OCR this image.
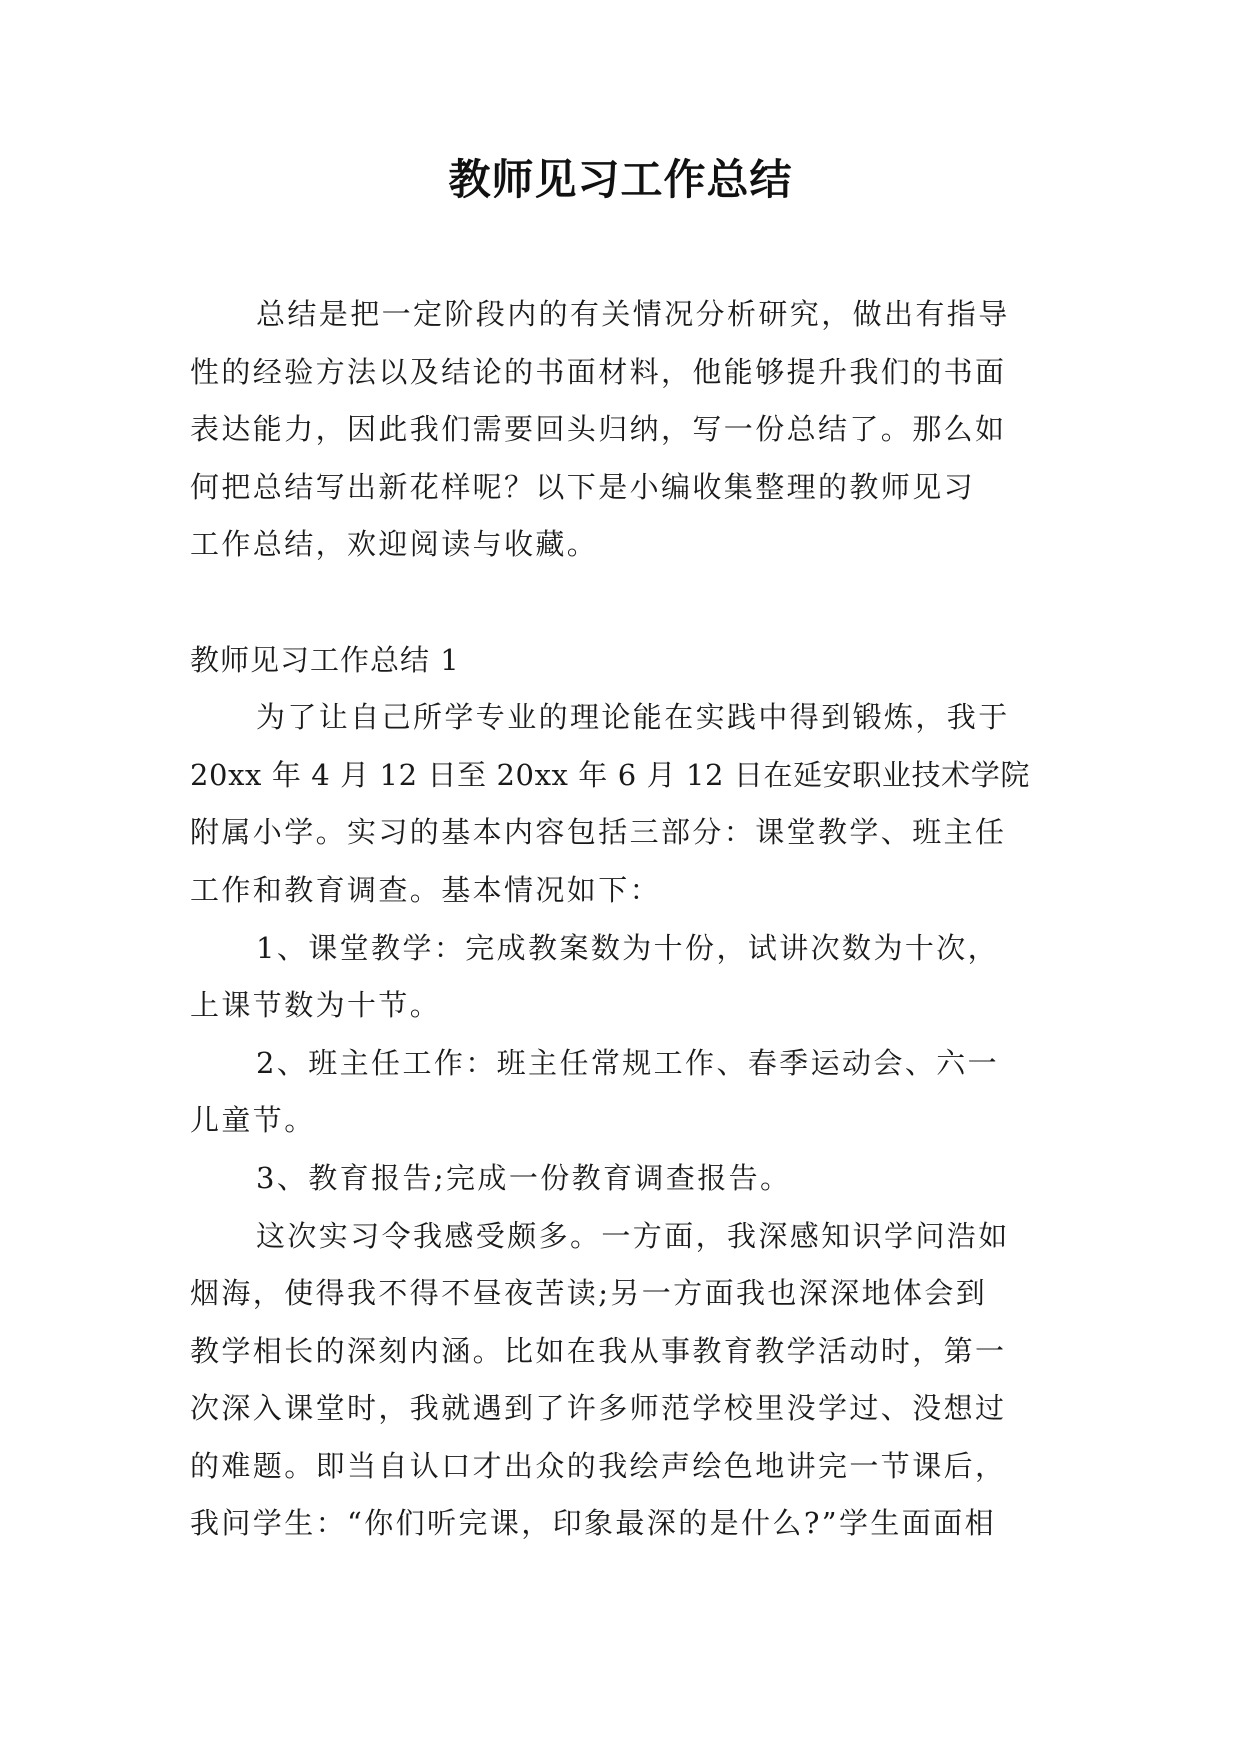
教师见习工作总结
总结是把一定阶段内的有关情况分析研究，做出有指导
性的经验方法以及结论的书面材料，他能够提升我们的书面
表达能力，因此我们需要回头归纳，写一份总结了。那么如
何把总结写出新花样呢？以下是小编收集整理的教师见习
工作总结，欢迎阅读与收藏。
教师见习工作总结 1
为了让自己所学专业的理论能在实践中得到锻炼，我于
20xx 年 4 月 12 日至 20xx 年 6 月 12 日在延安职业技术学院
附属小学。实习的基本内容包括三部分：课堂教学、班主任
工作和教育调查。基本情况如下：
1、课堂教学：完成教案数为十份，试讲次数为十次，
上课节数为十节。
2、班主任工作：班主任常规工作、春季运动会、六一
儿童节。
3、教育报告;完成一份教育调查报告。
这次实习令我感受颇多。一方面，我深感知识学问浩如
烟海，使得我不得不昼夜苦读;另一方面我也深深地体会到
教学相长的深刻内涵。比如在我从事教育教学活动时，第一
次深入课堂时，我就遇到了许多师范学校里没学过、没想过
的难题。即当自认口才出众的我绘声绘色地讲完一节课后，
我问学生：“你们听完课，印象最深的是什么?”学生面面相
